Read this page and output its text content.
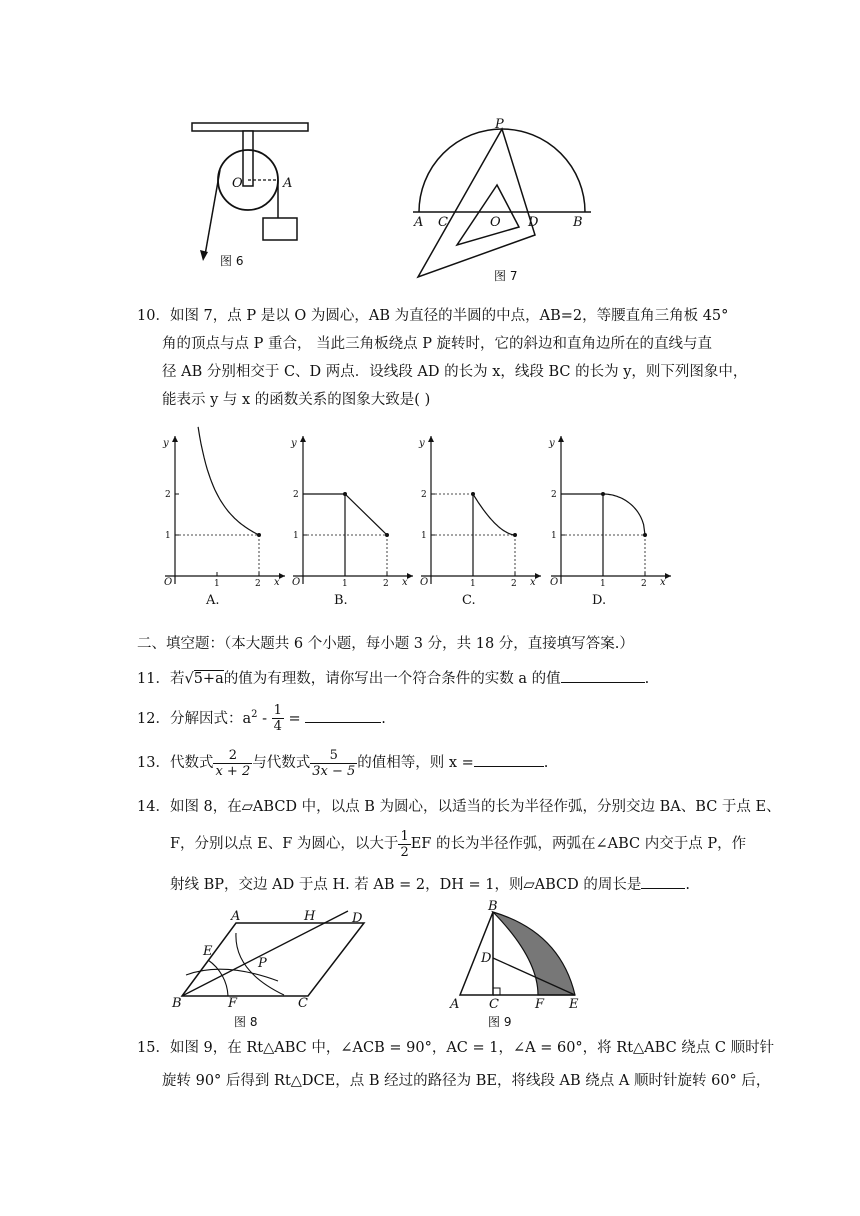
O	A
图 6
P
A C	O D	B
图 7
10．如图 7，点 P 是以 O 为圆心，AB 为直径的半圆的中点，AB=2，等腰直角三角板 45°
角的顶点与点 P 重合， 当此三角板绕点 P 旋转时，它的斜边和直角边所在的直线与直
径 AB 分别相交于 C、D 两点．设线段 AD 的长为 x，线段 BC 的长为 y，则下列图象中，
能表示 y 与 x 的函数关系的图象大致是( )
y
x
O	1
1
2
2
A.
y
x
O	1
1
2
2
B.
y
x
O	1
1
2
2
C.
y
x
O	1
1
2
2
D.
二、填空题：（本大题共 6 个小题，每小题 3 分，共 18 分，直接填写答案.）
11．若√5+a的值为有理数，请你写出一个符合条件的实数 a 的值	.
12．分解因式：$a^2 - \frac{1}{4}$ =	.
13．代数式 $\frac{2}{x + 2}$ 与代数式 $\frac{5}{3x - 5}$ 的值相等，则 x =	.
14．如图 8，在▱ABCD 中，以点 B 为圆心，以适当的长为半径作弧，分别交边 BA、BC 于点 E、
F，分别以点 E、F 为圆心，以大于 $\frac{1}{2}$ EF 的长为半径作弧，两弧在∠ABC 内交于点 P，作
射线 BP，交边 AD 于点 H. 若 AB = 2，DH = 1，则▱ABCD 的周长是	.
A	H	D
E
P
B	F	C
图 8
B
D
A C	F E
图 9
15．如图 9，在 Rt△ABC 中，∠ACB = 90°，AC = 1，∠A = 60°，将 Rt△ABC 绕点 C 顺时针
旋转 90° 后得到 Rt△DCE，点 B 经过的路径为 BE，将线段 AB 绕点 A 顺时针旋转 60° 后，
